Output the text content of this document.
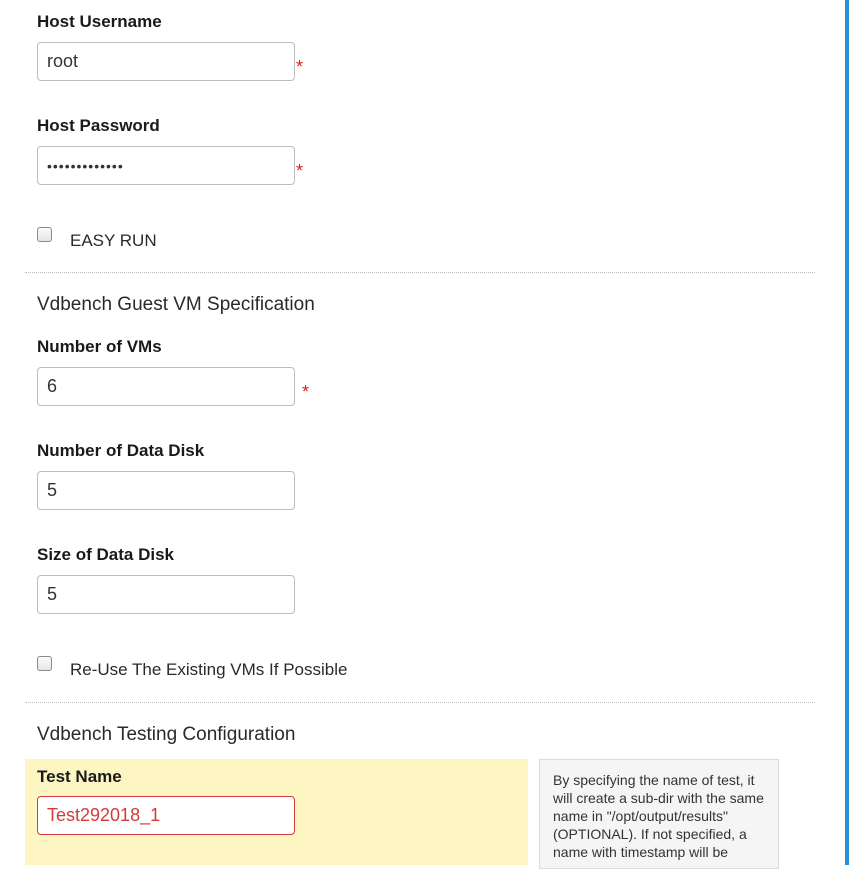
Host Username
root
*
Host Password
•••••••••••••
*
EASY RUN
Vdbench Guest VM Specification
Number of VMs
6
*
Number of Data Disk
5
Size of Data Disk
5
Re-Use The Existing VMs If Possible
Vdbench Testing Configuration
Test Name
Test292018_1	By specifying the name of test, it will create a sub-dir with the same name in "/opt/output/results" (OPTIONAL). If not specified, a name with timestamp will be
